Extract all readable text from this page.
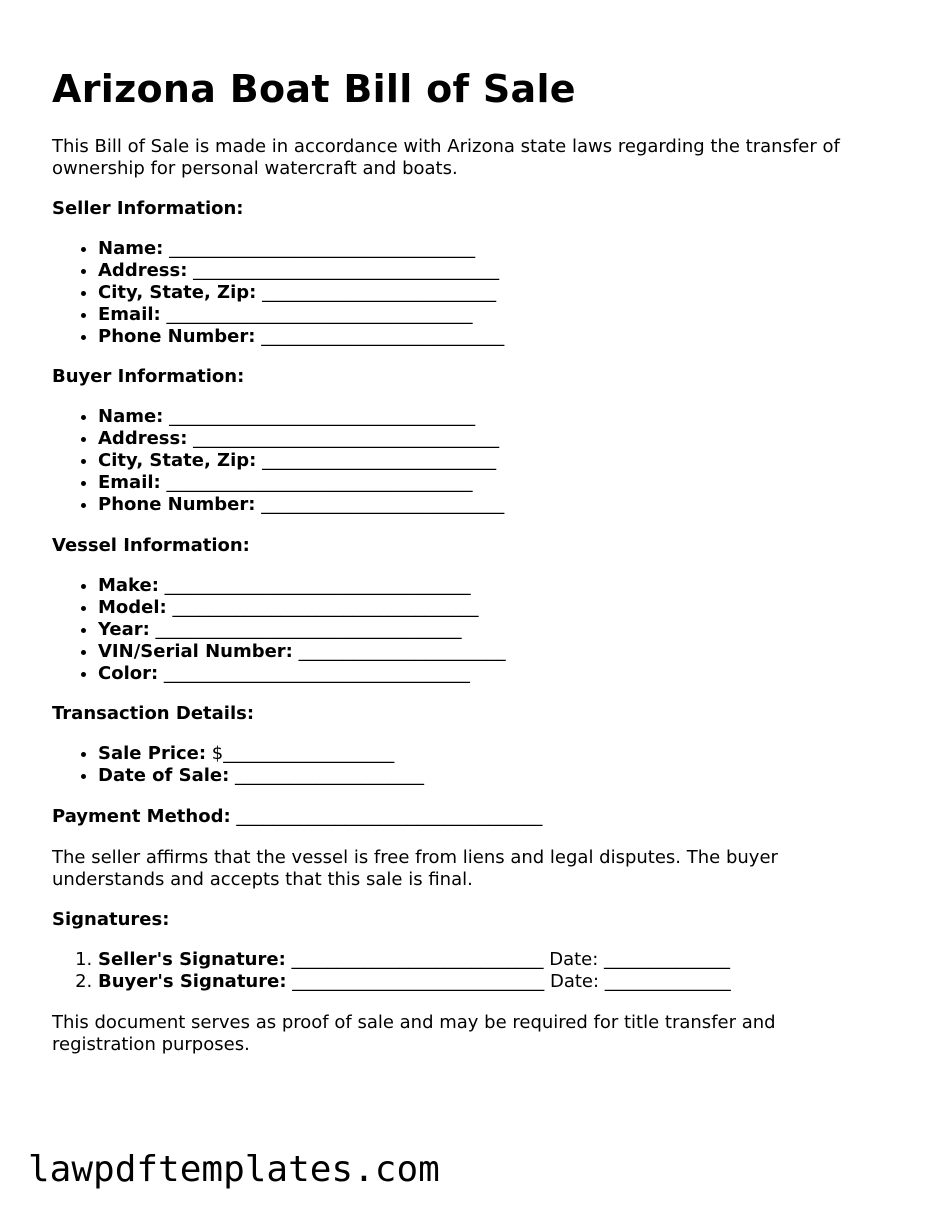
Arizona Boat Bill of Sale

This Bill of Sale is made in accordance with Arizona state laws regarding the transfer of ownership for personal watercraft and boats.

Seller Information:

• Name: __________________________________
• Address: __________________________________
• City, State, Zip: __________________________
• Email: __________________________________
• Phone Number: ___________________________

Buyer Information:

• Name: __________________________________
• Address: __________________________________
• City, State, Zip: __________________________
• Email: __________________________________
• Phone Number: ___________________________

Vessel Information:

• Make: __________________________________
• Model: __________________________________
• Year: __________________________________
• VIN/Serial Number: _______________________
• Color: __________________________________

Transaction Details:

• Sale Price: $___________________
• Date of Sale: _____________________

Payment Method: __________________________________

The seller affirms that the vessel is free from liens and legal disputes. The buyer understands and accepts that this sale is final.

Signatures:

1. Seller's Signature: ____________________________ Date: ______________
2. Buyer's Signature: ____________________________ Date: ______________

This document serves as proof of sale and may be required for title transfer and registration purposes.

lawpdftemplates.com
